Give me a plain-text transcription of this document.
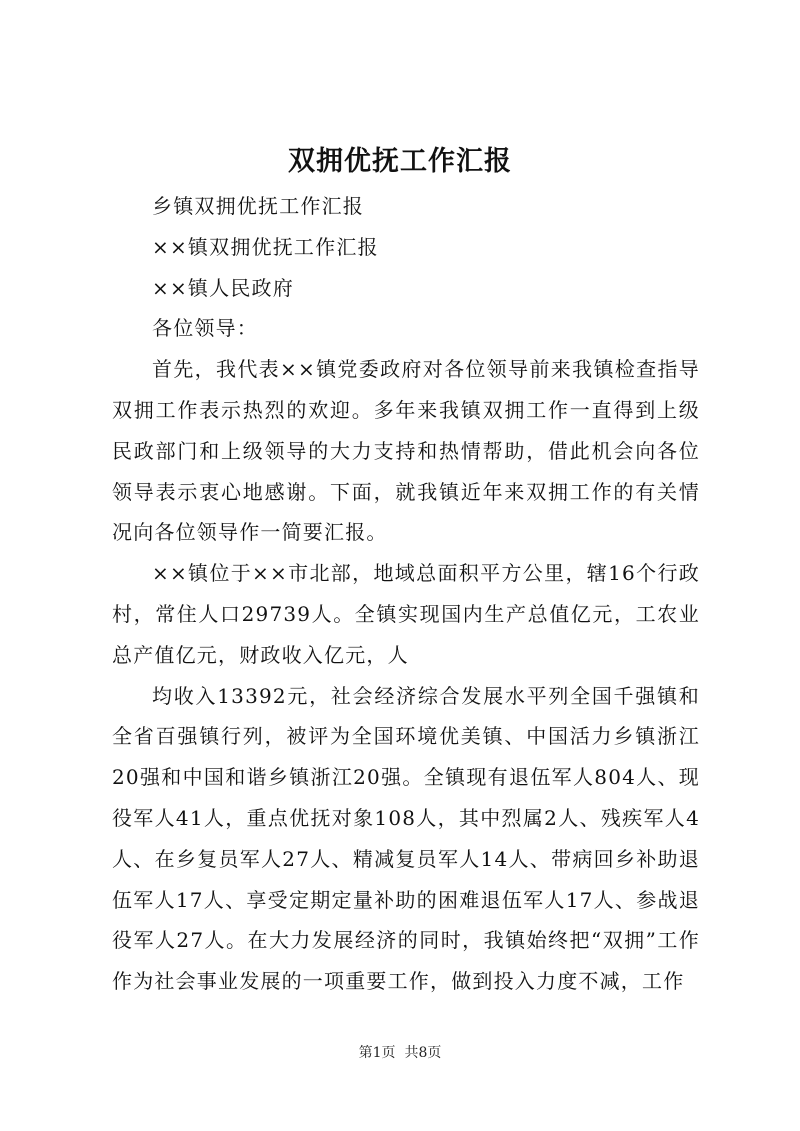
双拥优抚工作汇报

乡镇双拥优抚工作汇报

××镇双拥优抚工作汇报

××镇人民政府

各位领导：

首先，我代表××镇党委政府对各位领导前来我镇检查指导双拥工作表示热烈的欢迎。多年来我镇双拥工作一直得到上级民政部门和上级领导的大力支持和热情帮助，借此机会向各位领导表示衷心地感谢。下面，就我镇近年来双拥工作的有关情况向各位领导作一简要汇报。

××镇位于××市北部，地域总面积平方公里，辖16个行政村，常住人口29739人。全镇实现国内生产总值亿元，工农业总产值亿元，财政收入亿元，人

均收入13392元，社会经济综合发展水平列全国千强镇和全省百强镇行列，被评为全国环境优美镇、中国活力乡镇浙江20强和中国和谐乡镇浙江20强。全镇现有退伍军人804人、现役军人41人，重点优抚对象108人，其中烈属2人、残疾军人4人、在乡复员军人27人、精减复员军人14人、带病回乡补助退伍军人17人、享受定期定量补助的困难退伍军人17人、参战退役军人27人。在大力发展经济的同时，我镇始终把“双拥”工作作为社会事业发展的一项重要工作，做到投入力度不减，工作

第1页 共8页
